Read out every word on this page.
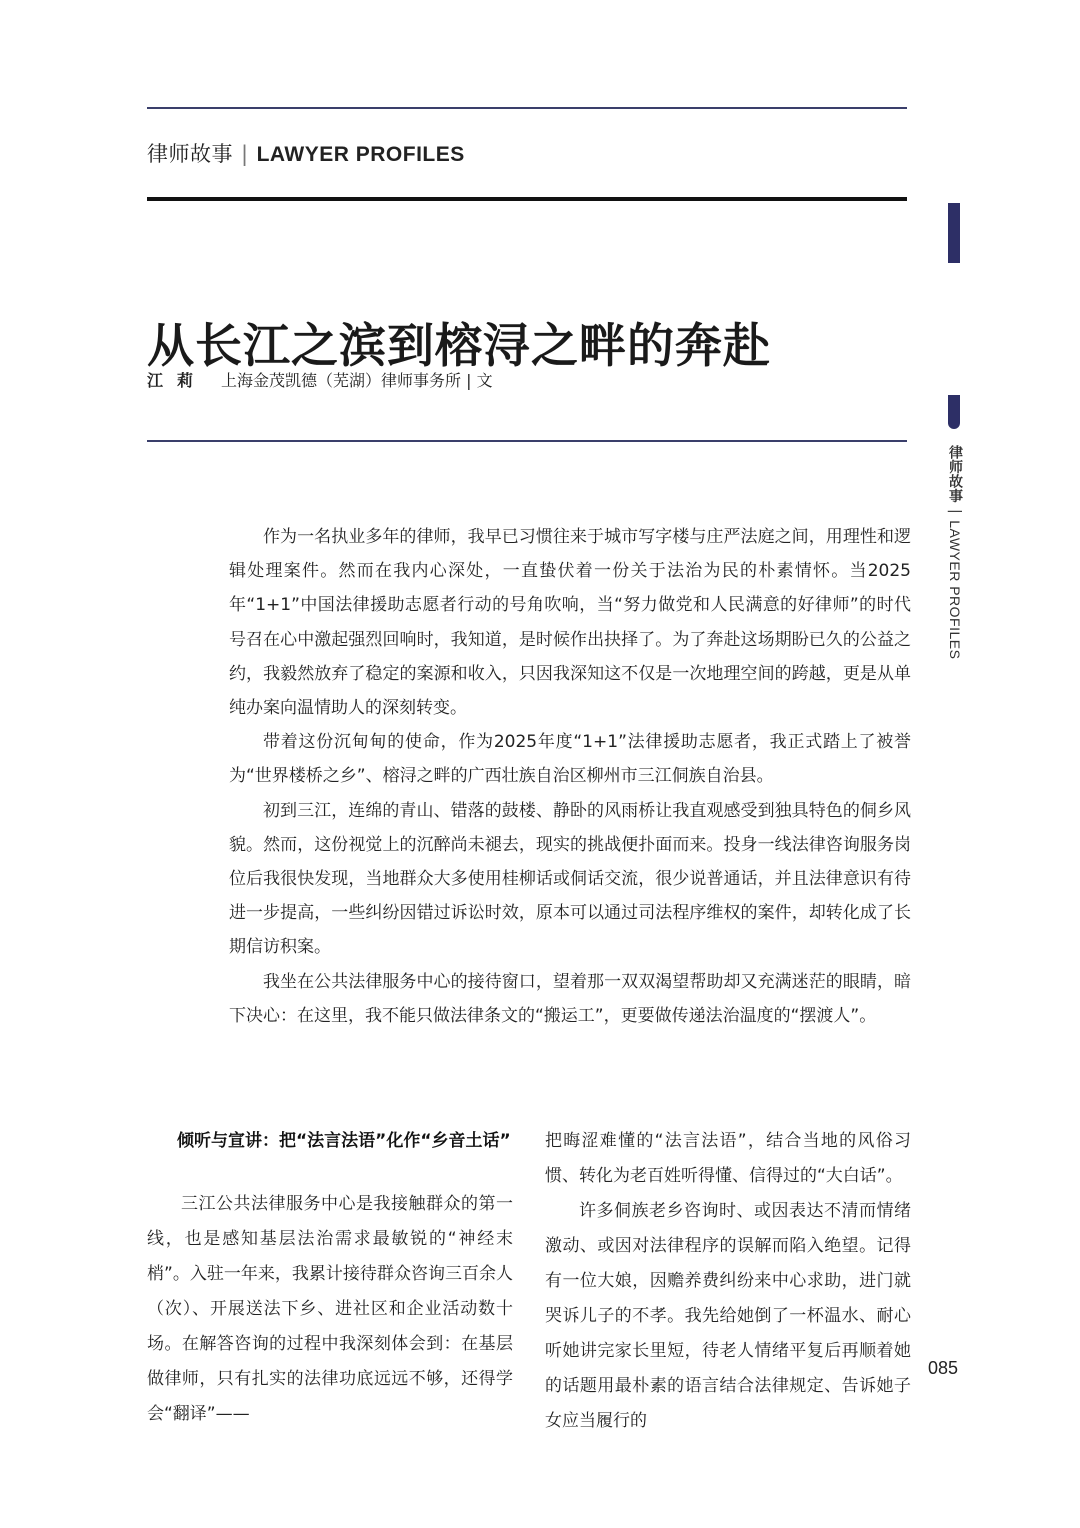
律师故事 | LAWYER PROFILES
从长江之滨到榕浔之畔的奔赴
江莉 上海金茂凯德（芜湖）律师事务所 | 文

作为一名执业多年的律师，我早已习惯往来于城市写字楼与庄严法庭之间，用理性和逻辑处理案件。然而在我内心深处，一直蛰伏着一份关于法治为民的朴素情怀。当2025年“1+1”中国法律援助志愿者行动的号角吹响，当“努力做党和人民满意的好律师”的时代号召在心中激起强烈回响时，我知道，是时候作出抉择了。为了奔赴这场期盼已久的公益之约，我毅然放弃了稳定的案源和收入，只因我深知这不仅是一次地理空间的跨越，更是从单纯办案向温情助人的深刻转变。

带着这份沉甸甸的使命，作为2025年度“1+1”法律援助志愿者，我正式踏上了被誉为“世界楼桥之乡”、榕浔之畔的广西壮族自治区柳州市三江侗族自治县。

初到三江，连绵的青山、错落的鼓楼、静卧的风雨桥让我直观感受到独具特色的侗乡风貌。然而，这份视觉上的沉醉尚未褪去，现实的挑战便扑面而来。投身一线法律咨询服务岗位后我很快发现，当地群众大多使用桂柳话或侗话交流，很少说普通话，并且法律意识有待进一步提高，一些纠纷因错过诉讼时效，原本可以通过司法程序维权的案件，却转化成了长期信访积案。

我坐在公共法律服务中心的接待窗口，望着那一双双渴望帮助却又充满迷茫的眼睛，暗下决心：在这里，我不能只做法律条文的“搬运工”，更要做传递法治温度的“摆渡人”。

倾听与宣讲：把“法言法语”化作“乡音土话”

三江公共法律服务中心是我接触群众的第一线，也是感知基层法治需求最敏锐的“神经末梢”。入驻一年来，我累计接待群众咨询三百余人（次）、开展送法下乡、进社区和企业活动数十场。在解答咨询的过程中我深刻体会到：在基层做律师，只有扎实的法律功底远远不够，还得学会“翻译”——

把晦涩难懂的“法言法语”，结合当地的风俗习惯、转化为老百姓听得懂、信得过的“大白话”。

许多侗族老乡咨询时、或因表达不清而情绪激动、或因对法律程序的误解而陷入绝望。记得有一位大娘，因赡养费纠纷来中心求助，进门就哭诉儿子的不孝。我先给她倒了一杯温水、耐心听她讲完家长里短，待老人情绪平复后再顺着她的话题用最朴素的语言结合法律规定、告诉她子女应当履行的

律师故事|LAWYER PROFILES
085
